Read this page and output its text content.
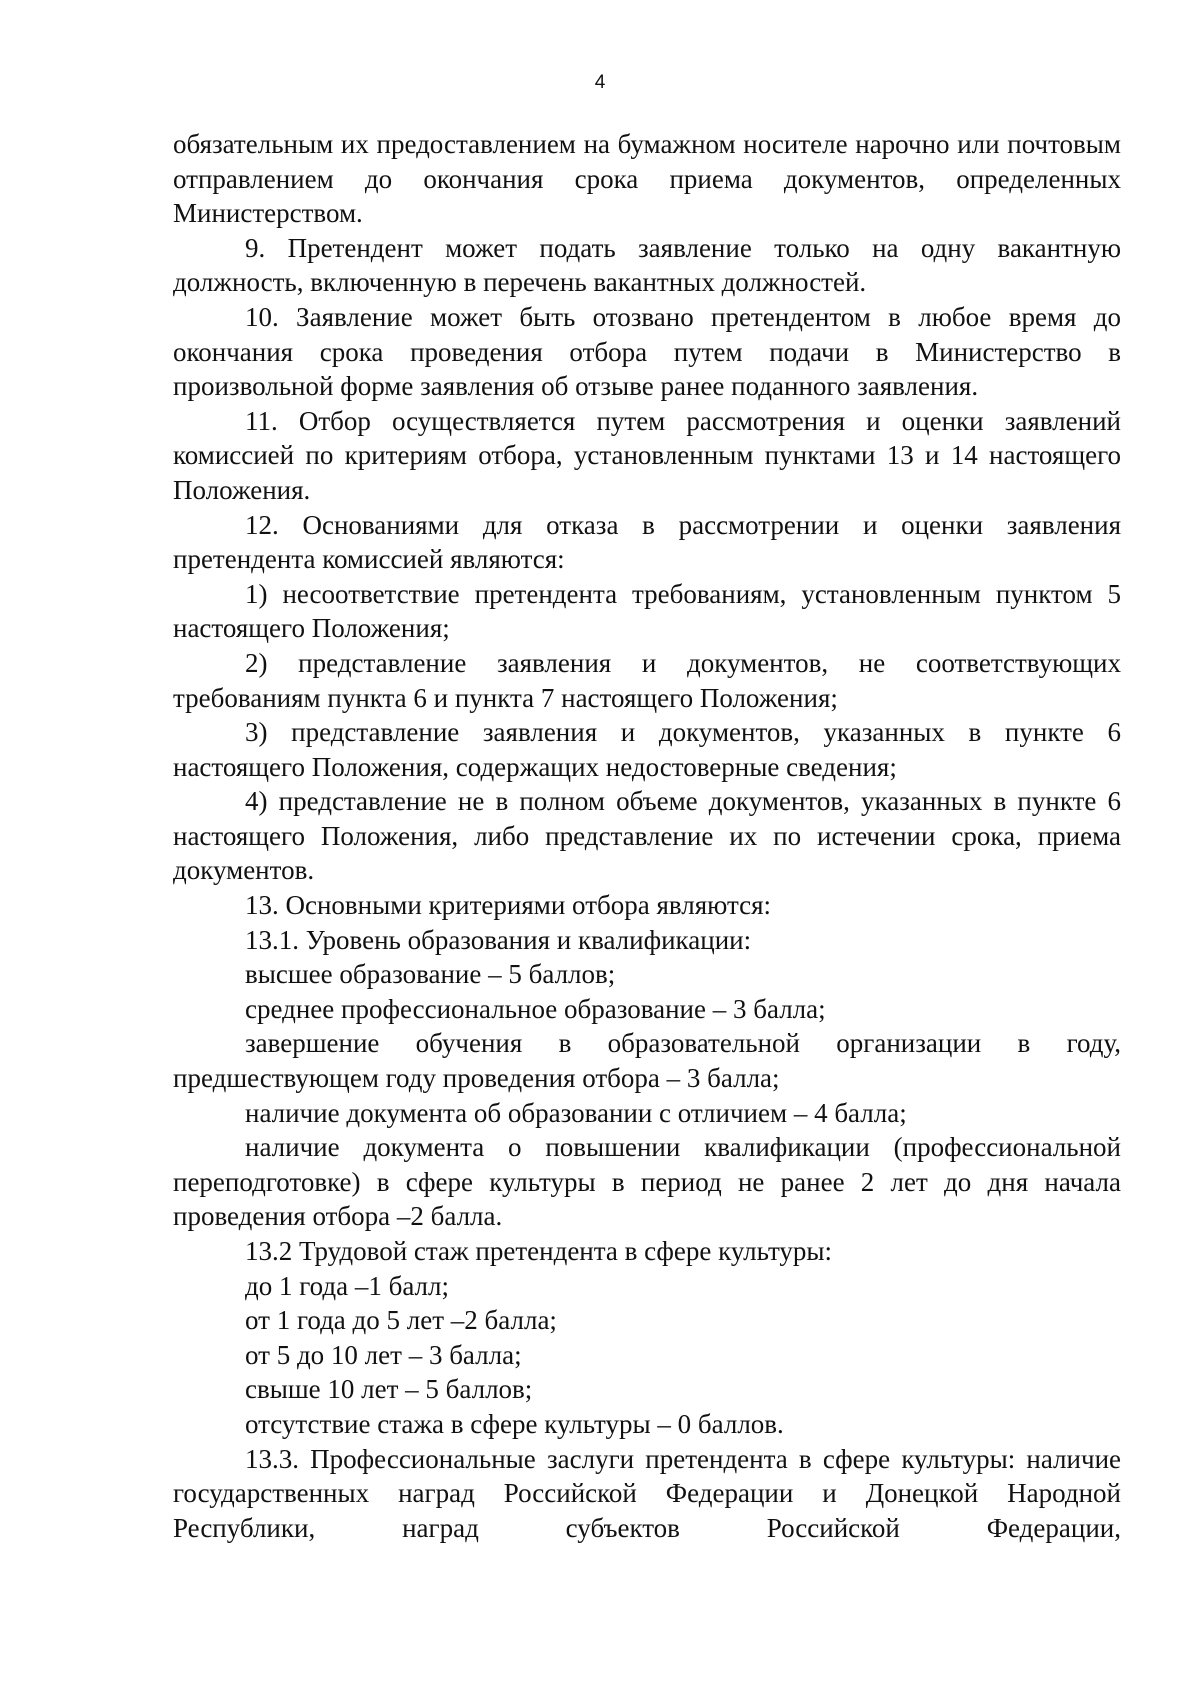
4

обязательным их предоставлением на бумажном носителе нарочно или почтовым отправлением до окончания срока приема документов, определенных Министерством.

9. Претендент может подать заявление только на одну вакантную должность, включенную в перечень вакантных должностей.

10. Заявление может быть отозвано претендентом в любое время до окончания срока проведения отбора путем подачи в Министерство в произвольной форме заявления об отзыве ранее поданного заявления.

11. Отбор осуществляется путем рассмотрения и оценки заявлений комиссией по критериям отбора, установленным пунктами 13 и 14 настоящего Положения.

12. Основаниями для отказа в рассмотрении и оценки заявления претендента комиссией являются:

1) несоответствие претендента требованиям, установленным пунктом 5 настоящего Положения;

2) представление заявления и документов, не соответствующих требованиям пункта 6 и пункта 7 настоящего Положения;

3) представление заявления и документов, указанных в пункте 6 настоящего Положения, содержащих недостоверные сведения;

4) представление не в полном объеме документов, указанных в пункте 6 настоящего Положения, либо представление их по истечении срока, приема документов.

13. Основными критериями отбора являются:

13.1. Уровень образования и квалификации:

высшее образование – 5 баллов;

среднее профессиональное образование – 3 балла;

завершение обучения в образовательной организации в году, предшествующем году проведения отбора – 3 балла;

наличие документа об образовании с отличием – 4 балла;

наличие документа о повышении квалификации (профессиональной переподготовке) в сфере культуры в период не ранее 2 лет до дня начала проведения отбора –2 балла.

13.2 Трудовой стаж претендента в сфере культуры:

до 1 года –1 балл;

от 1 года до 5 лет –2 балла;

от 5 до 10 лет – 3 балла;

свыше 10 лет – 5 баллов;

отсутствие стажа в сфере культуры – 0 баллов.

13.3. Профессиональные заслуги претендента в сфере культуры: наличие государственных наград Российской Федерации и Донецкой Народной Республики, наград субъектов Российской Федерации,
